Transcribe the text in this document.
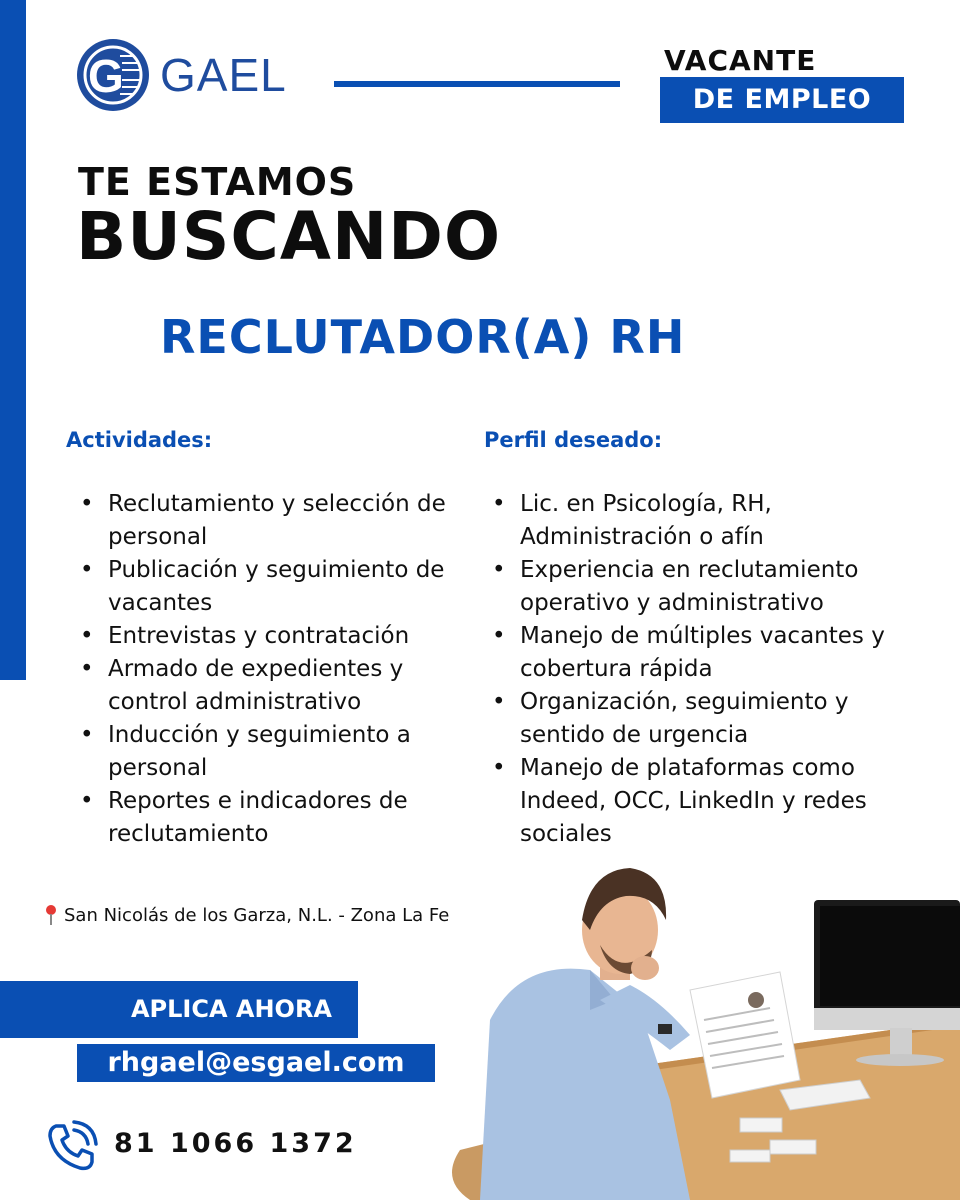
G GAEL	VACANTE
DE EMPLEO
TE ESTAMOS
BUSCANDO
RECLUTADOR(A) RH
Actividades:
• Reclutamiento y selección de personal
• Publicación y seguimiento de vacantes
• Entrevistas y contratación
• Armado de expedientes y control administrativo
• Inducción y seguimiento a personal
• Reportes e indicadores de reclutamiento
Perfil deseado:
• Lic. en Psicología, RH, Administración o afín
• Experiencia en reclutamiento operativo y administrativo
• Manejo de múltiples vacantes y cobertura rápida
• Organización, seguimiento y sentido de urgencia
• Manejo de plataformas como Indeed, OCC, LinkedIn y redes sociales
San Nicolás de los Garza, N.L. - Zona La Fe
APLICA AHORA
rhgael@esgael.com
81 1066 1372
